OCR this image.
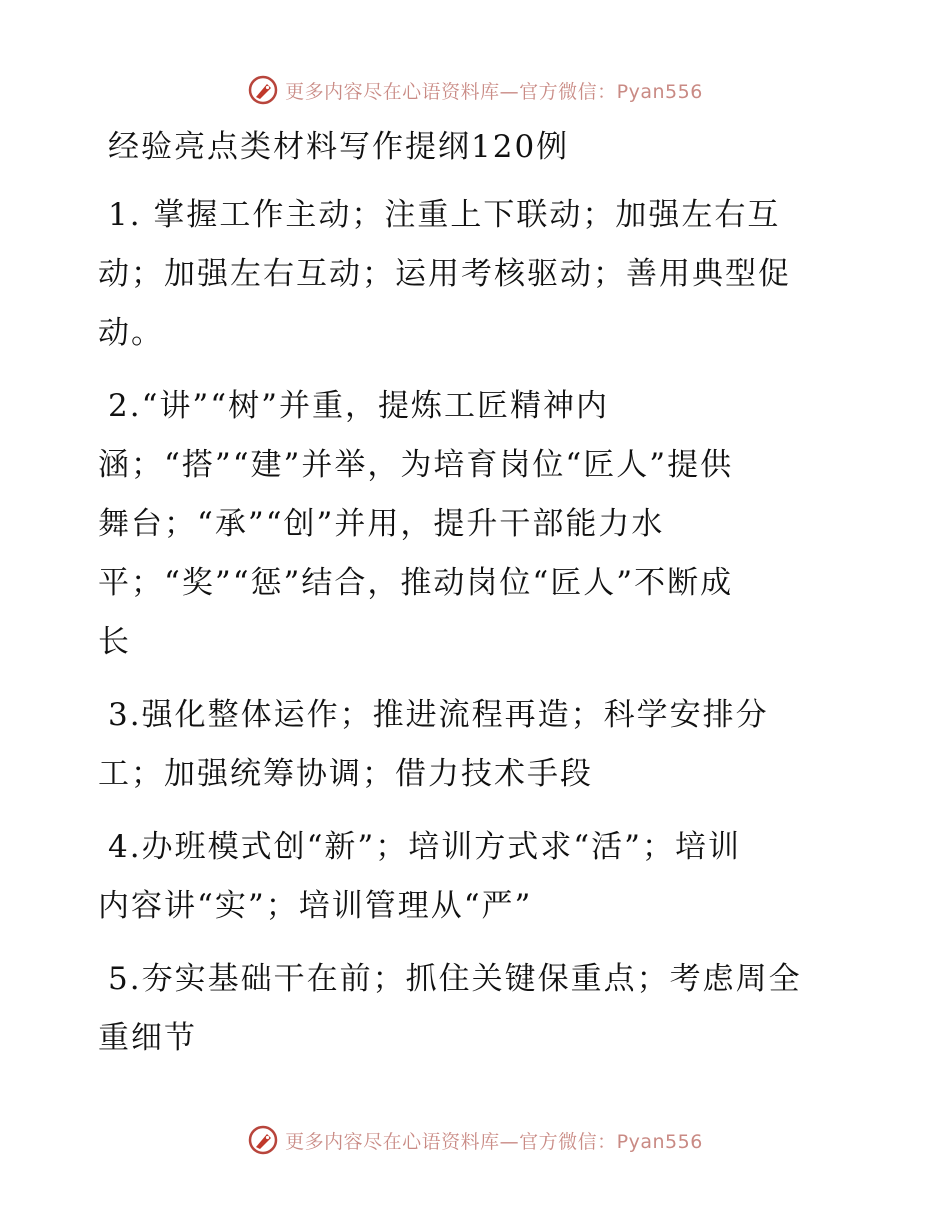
更多内容尽在心语资料库—官方微信：Pyan556
经验亮点类材料写作提纲120例
1. 掌握工作主动；注重上下联动；加强左右互
动；加强左右互动；运用考核驱动；善用典型促
动。
2.“讲”“树”并重，提炼工匠精神内
涵；“搭”“建”并举，为培育岗位“匠人”提供
舞台；“承”“创”并用，提升干部能力水
平；“奖”“惩”结合，推动岗位“匠人”不断成
长
3.强化整体运作；推进流程再造；科学安排分
工；加强统筹协调；借力技术手段
4.办班模式创“新”；培训方式求“活”；培训
内容讲“实”；培训管理从“严”
5.夯实基础干在前；抓住关键保重点；考虑周全
重细节
更多内容尽在心语资料库—官方微信：Pyan556
